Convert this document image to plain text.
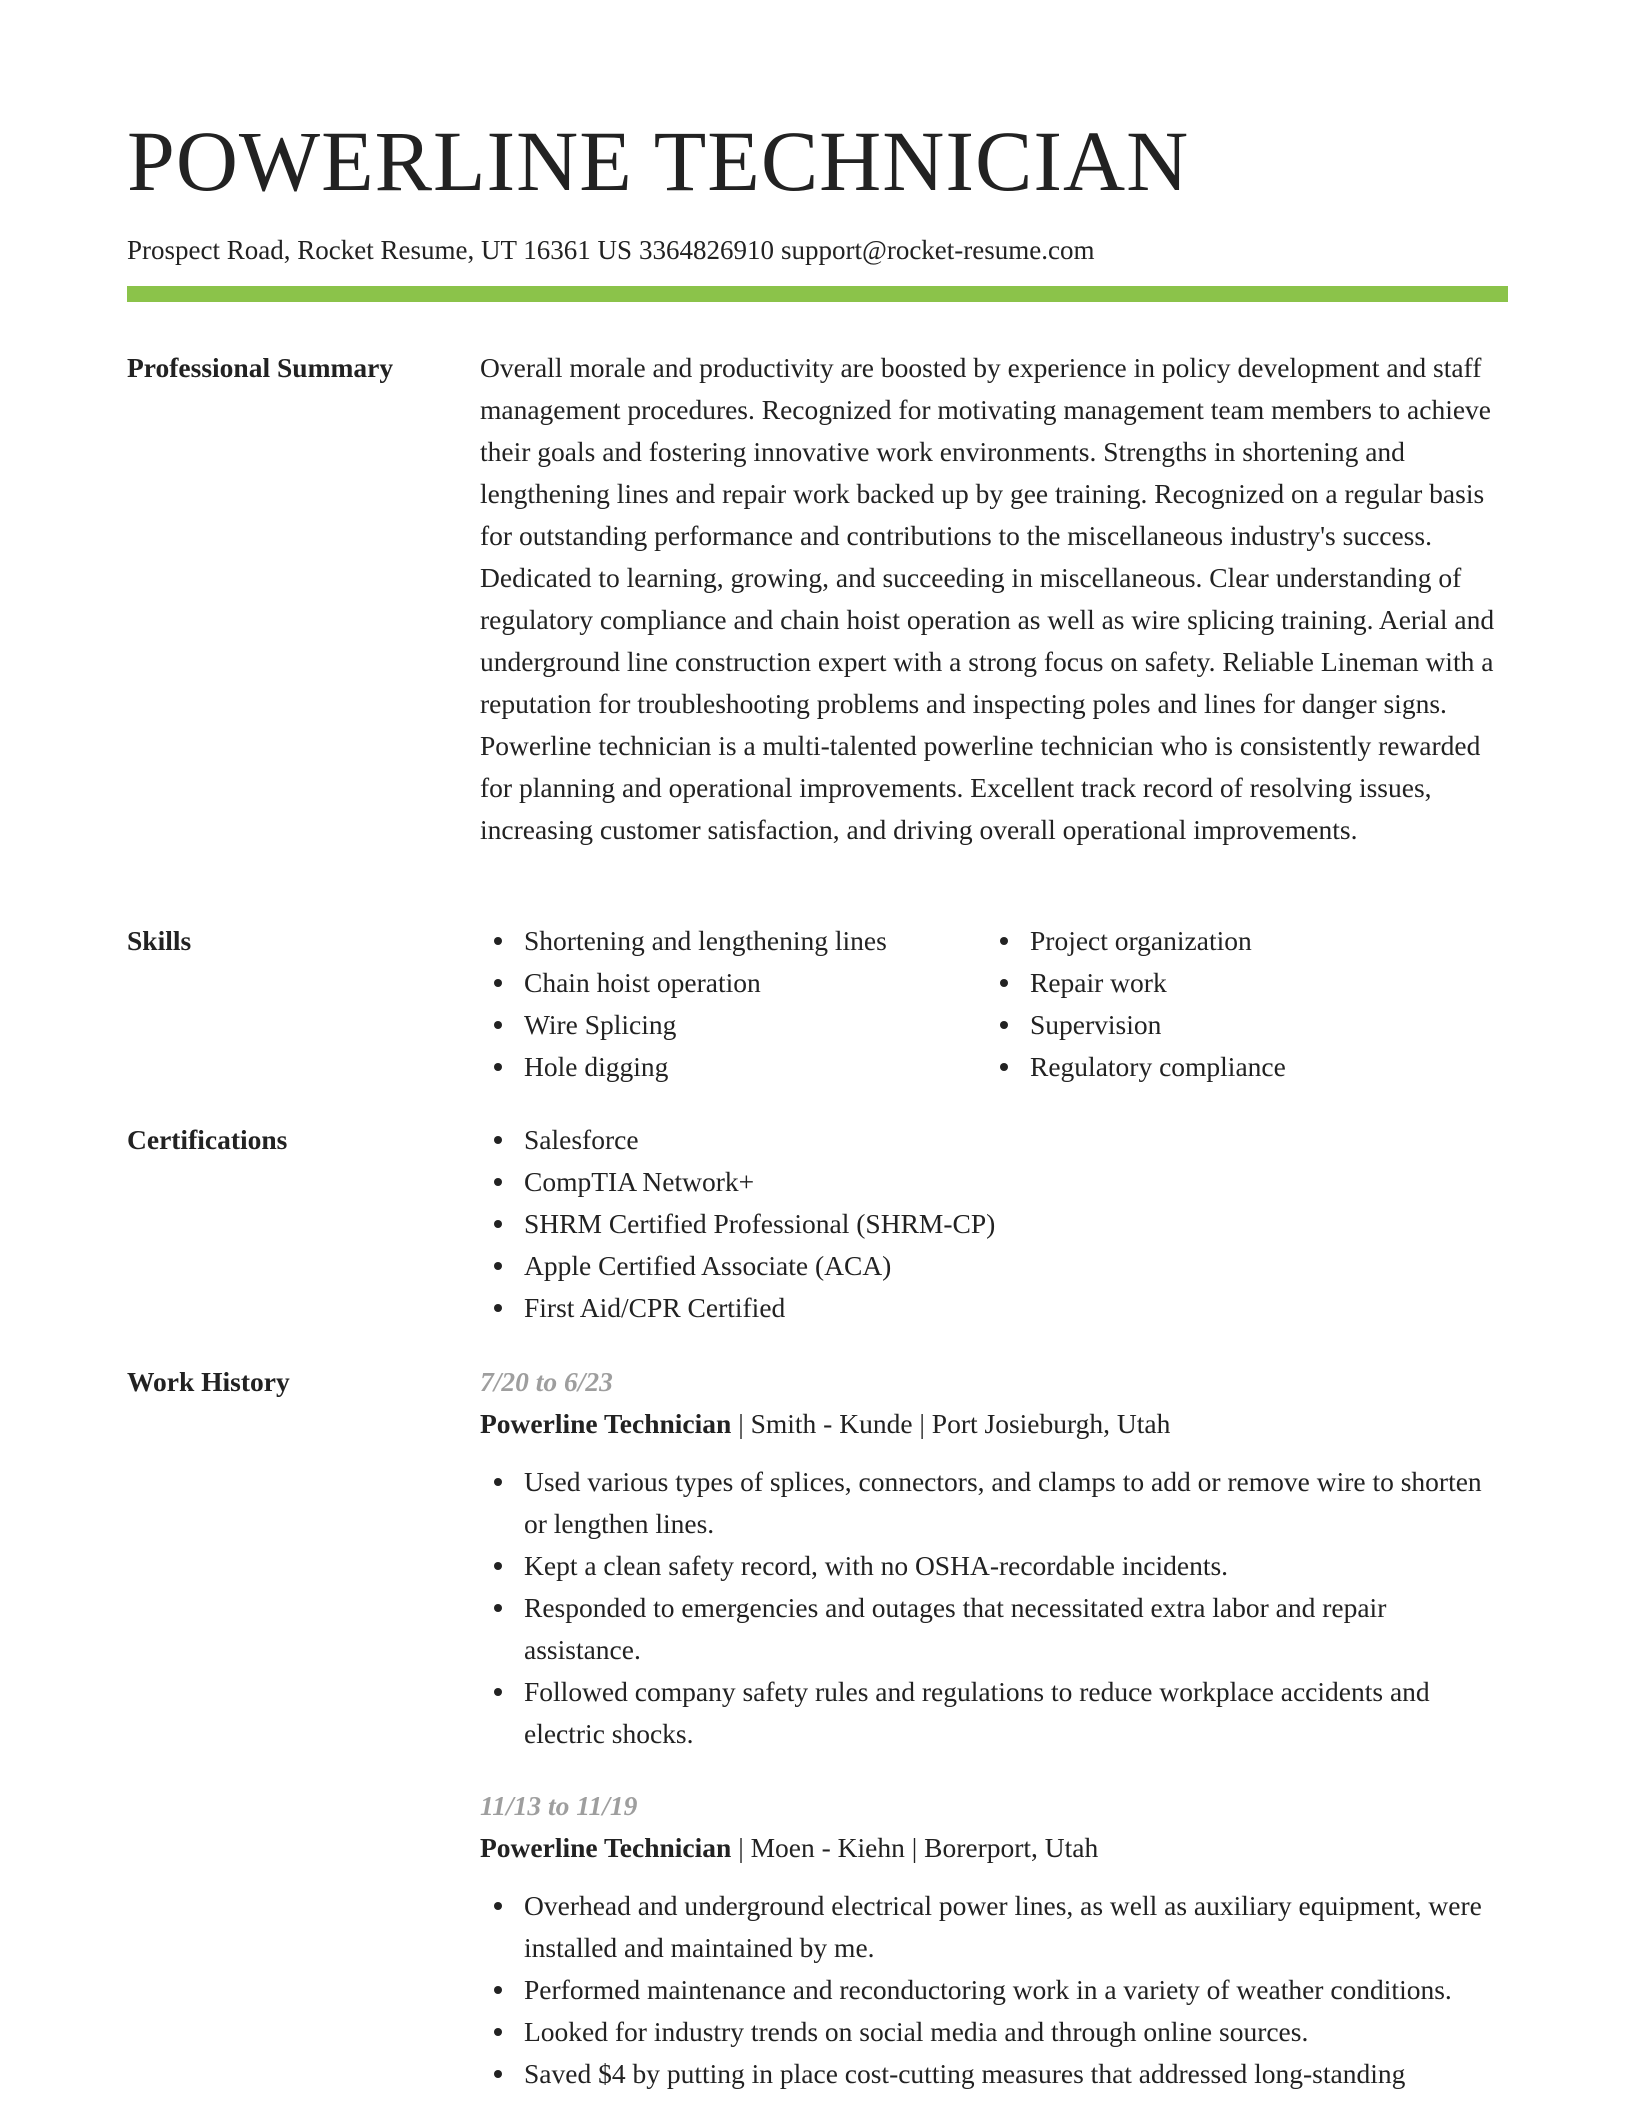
POWERLINE TECHNICIAN
Prospect Road, Rocket Resume, UT 16361 US 3364826910 support@rocket-resume.com
Professional Summary	Overall morale and productivity are boosted by experience in policy development and staff management procedures. Recognized for motivating management team members to achieve their goals and fostering innovative work environments. Strengths in shortening and lengthening lines and repair work backed up by gee training. Recognized on a regular basis for outstanding performance and contributions to the miscellaneous industry's success. Dedicated to learning, growing, and succeeding in miscellaneous. Clear understanding of regulatory compliance and chain hoist operation as well as wire splicing training. Aerial and underground line construction expert with a strong focus on safety. Reliable Lineman with a reputation for troubleshooting problems and inspecting poles and lines for danger signs. Powerline technician is a multi-talented powerline technician who is consistently rewarded for planning and operational improvements. Excellent track record of resolving issues, increasing customer satisfaction, and driving overall operational improvements.

Skills	Shortening and lengthening lines
Chain hoist operation
Wire Splicing
Hole digging
Project organization
Repair work
Supervision
Regulatory compliance
Certifications	Salesforce
CompTIA Network+
SHRM Certified Professional (SHRM-CP)
Apple Certified Associate (ACA)
First Aid/CPR Certified
Work History	7/20 to 6/23
Powerline Technician | Smith - Kunde | Port Josieburgh, Utah
Used various types of splices, connectors, and clamps to add or remove wire to shorten or lengthen lines.
Kept a clean safety record, with no OSHA-recordable incidents.
Responded to emergencies and outages that necessitated extra labor and repair assistance.
Followed company safety rules and regulations to reduce workplace accidents and electric shocks.
11/13 to 11/19
Powerline Technician | Moen - Kiehn | Borerport, Utah
Overhead and underground electrical power lines, as well as auxiliary equipment, were installed and maintained by me.
Performed maintenance and reconductoring work in a variety of weather conditions.
Looked for industry trends on social media and through online sources.
Saved $4 by putting in place cost-cutting measures that addressed long-standing
